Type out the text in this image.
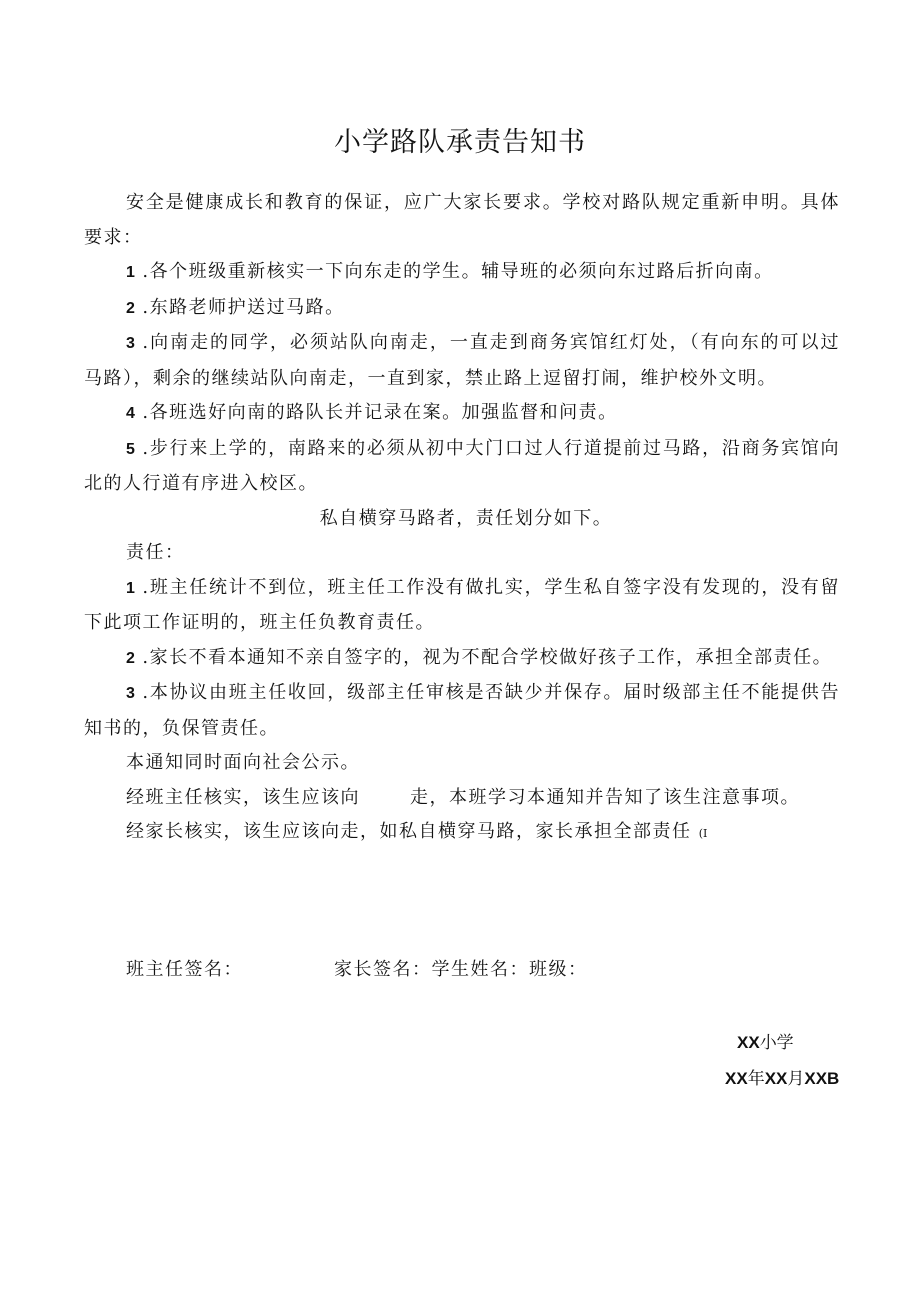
小学路队承责告知书

安全是健康成长和教育的保证，应广大家长要求。学校对路队规定重新申明。具体要求：

1 .各个班级重新核实一下向东走的学生。辅导班的必须向东过路后折向南。

2 .东路老师护送过马路。

3 .向南走的同学，必须站队向南走，一直走到商务宾馆红灯处，（有向东的可以过马路），剩余的继续站队向南走，一直到家，禁止路上逗留打闹，维护校外文明。

4 .各班选好向南的路队长并记录在案。加强监督和问责。

5 .步行来上学的，南路来的必须从初中大门口过人行道提前过马路，沿商务宾馆向北的人行道有序进入校区。

私自横穿马路者，责任划分如下。

责任：

1 .班主任统计不到位，班主任工作没有做扎实，学生私自签字没有发现的，没有留下此项工作证明的，班主任负教育责任。

2 .家长不看本通知不亲自签字的，视为不配合学校做好孩子工作，承担全部责任。

3 .本协议由班主任收回，级部主任审核是否缺少并保存。届时级部主任不能提供告知书的，负保管责任。

本通知同时面向社会公示。

经班主任核实，该生应该向	走，本班学习本通知并告知了该生注意事项。

经家长核实，该生应该向走，如私自横穿马路，家长承担全部责任 (I

班主任签名：	家长签名：学生姓名：班级：
XX小学
XX年XX月XXB
